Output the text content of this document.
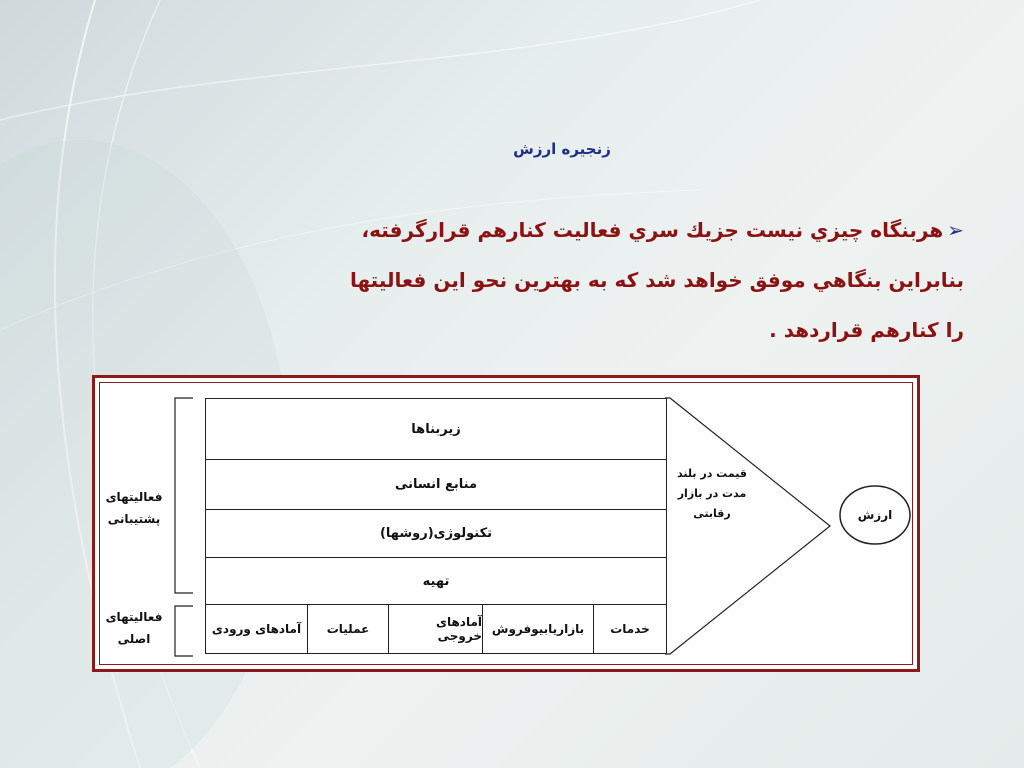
زنجيره ارزش
➢هربنگاه چيزي نيست جزيك سري فعاليت كنارهم قرارگرفته،
بنابراين بنگاهي موفق خواهد شد كه به بهترين نحو اين فعاليتها
را كنارهم قراردهد .
زيربناها
منابع انسانی
تکنولوژی(روشها)
تهيه
خدمات
بازاريابیوفروش
آمادهای خروجی
عمليات
آمادهای ورودی
فعاليتهای
پشتيبانی
فعاليتهای
اصلی
قيمت در بلند
مدت در بازار
رقابتی	ارزش
